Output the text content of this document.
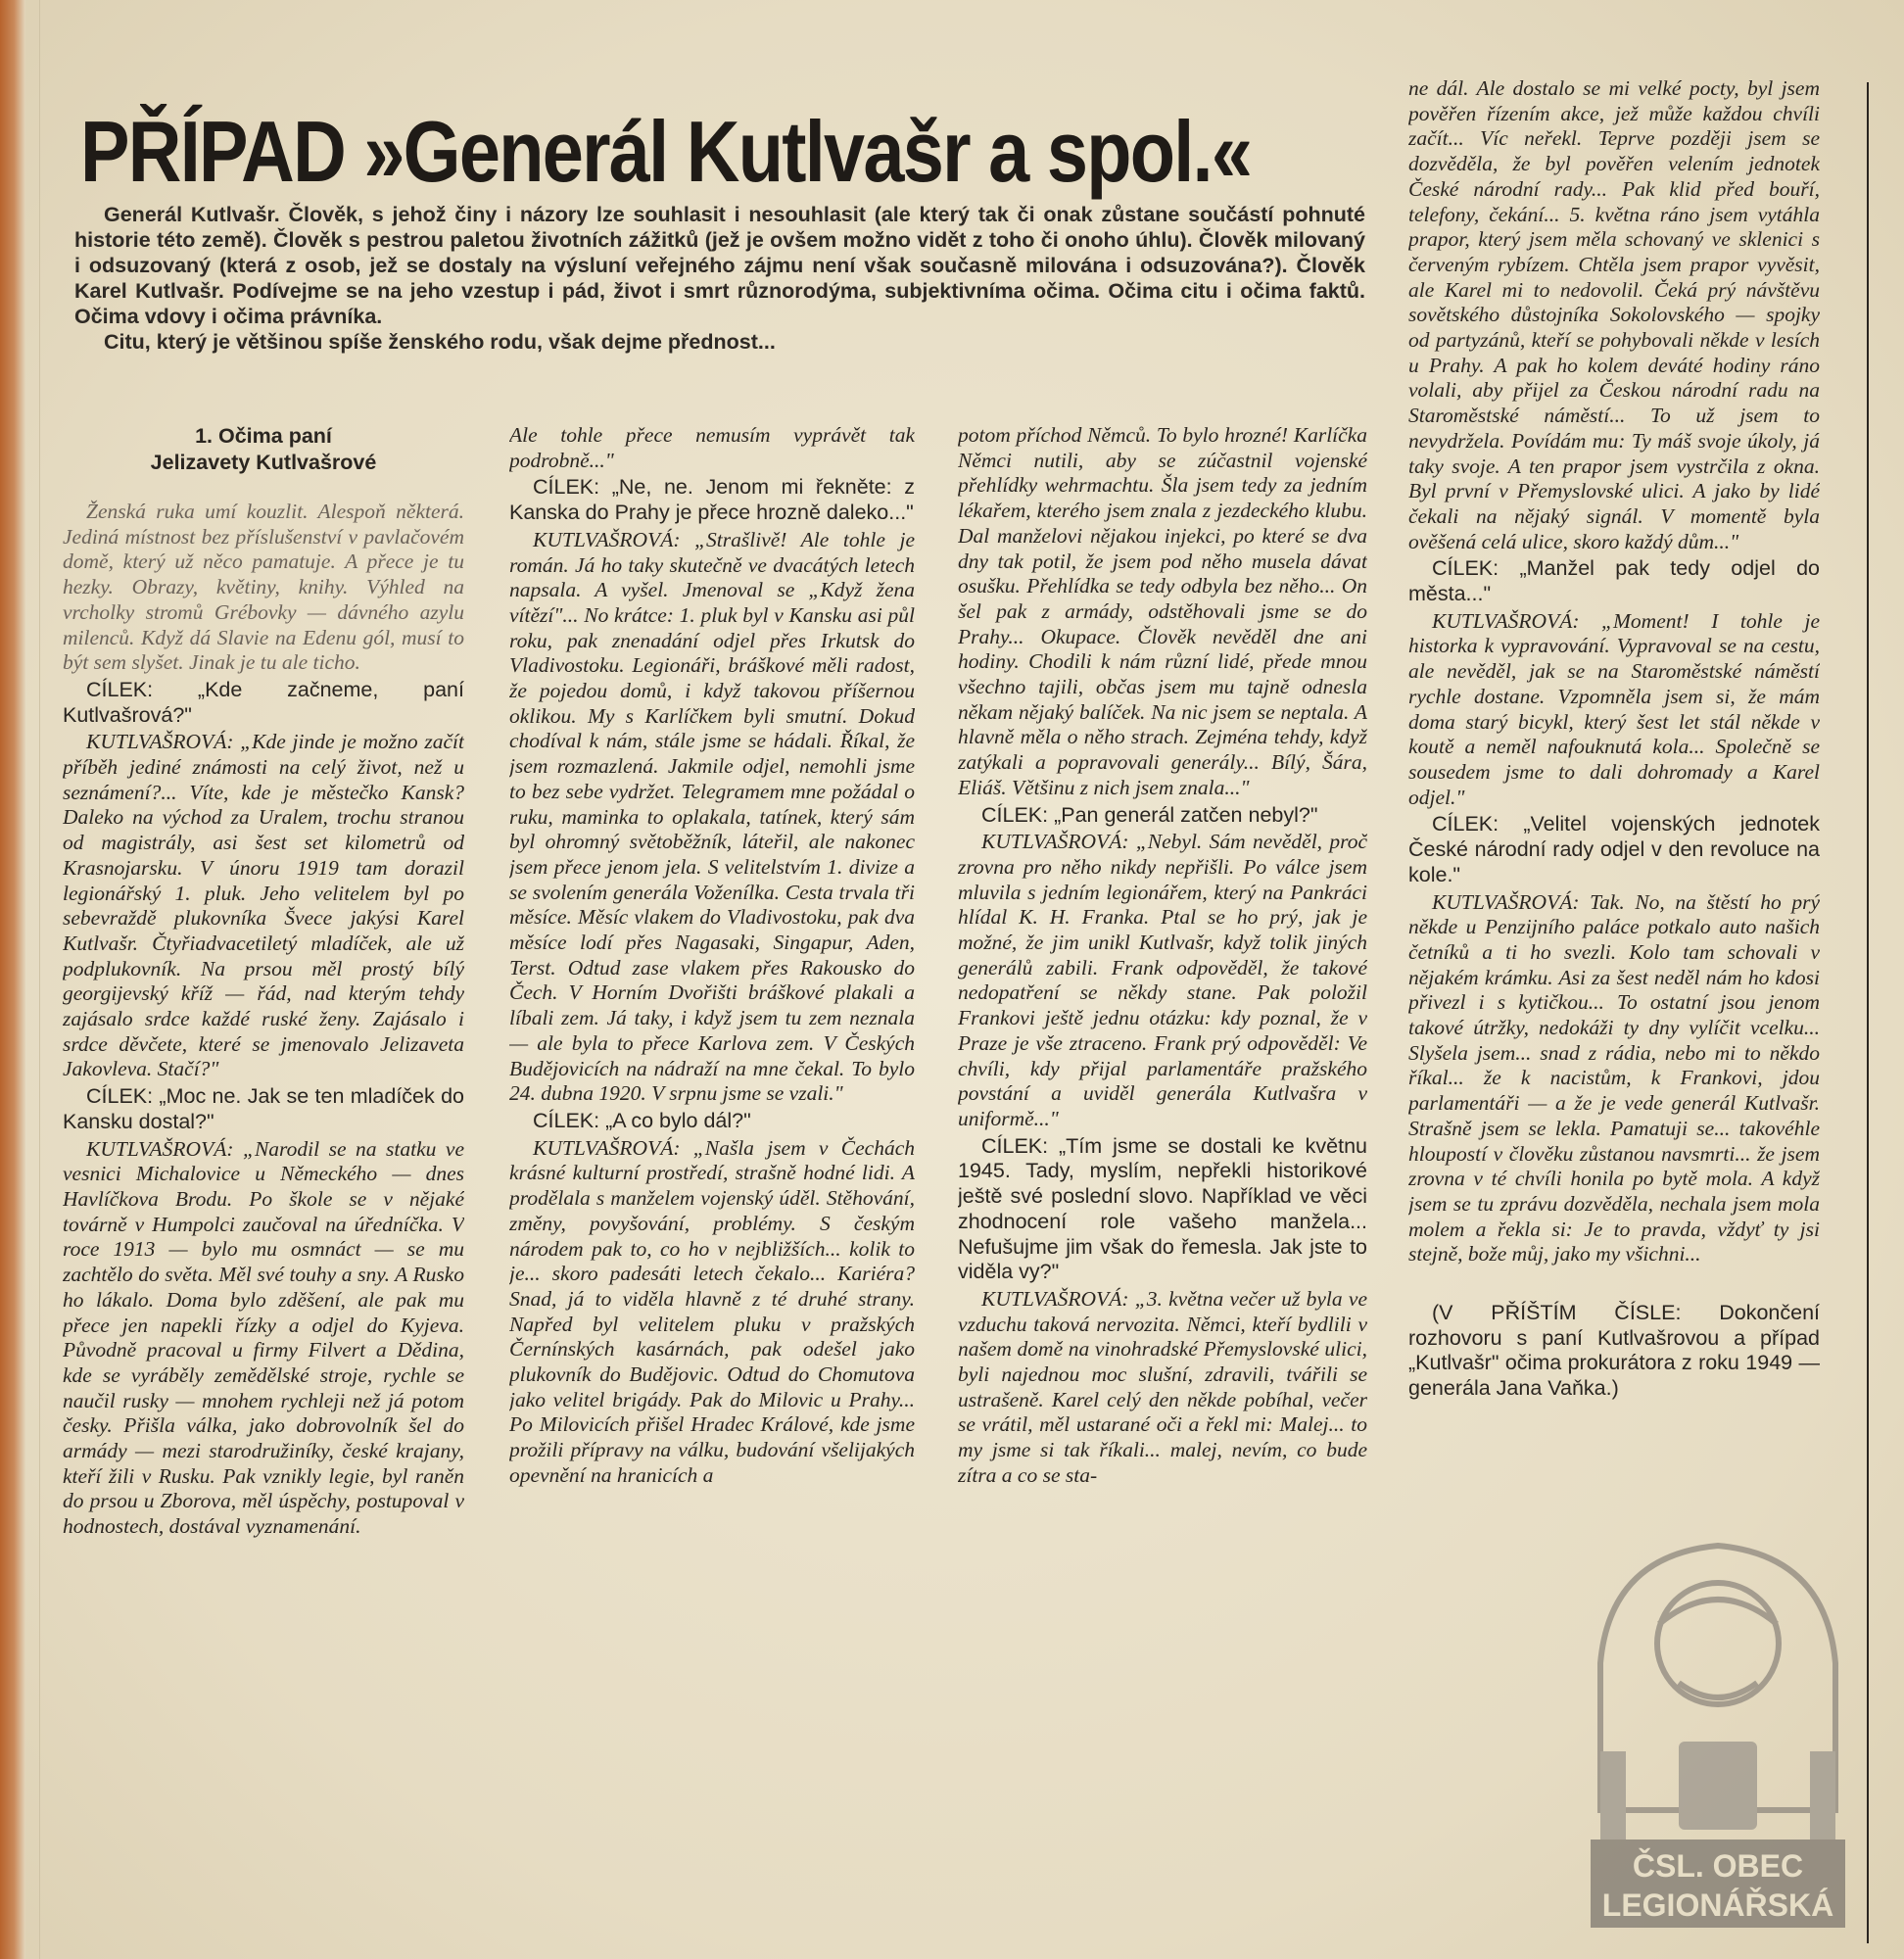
PŘÍPAD »Generál Kutlvašr a spol.«

Generál Kutlvašr. Člověk, s jehož činy i názory lze souhlasit i nesouhlasit (ale který tak či onak zůstane součástí pohnuté historie této země). Člověk s pestrou paletou životních zážitků (jež je ovšem možno vidět z toho či onoho úhlu). Člověk milovaný i odsuzovaný (která z osob, jež se dostaly na výsluní veřejného zájmu není však současně milována i odsuzována?). Člověk Karel Kutlvašr. Podívejme se na jeho vzestup i pád, život i smrt různorodýma, subjektivníma očima. Očima citu i očima faktů. Očima vdovy i očima právníka.

Citu, který je většinou spíše ženského rodu, však dejme přednost...

1. Očima paní
Jelizavety Kutlvašrové

Ženská ruka umí kouzlit. Alespoň některá. Jediná místnost bez příslušenství v pavlačovém domě, který už něco pamatuje. A přece je tu hezky. Obrazy, květiny, knihy. Výhled na vrcholky stromů Grébovky — dávného azylu milenců. Když dá Slavie na Edenu gól, musí to být sem slyšet. Jinak je tu ale ticho.

CÍLEK: „Kde začneme, paní Kutlvašrová?"

KUTLVAŠROVÁ: „Kde jinde je možno začít příběh jediné známosti na celý život, než u seznámení?... Víte, kde je městečko Kansk? Daleko na východ za Uralem, trochu stranou od magistrály, asi šest set kilometrů od Krasnojarsku. V únoru 1919 tam dorazil legionářský 1. pluk. Jeho velitelem byl po sebevraždě plukovníka Švece jakýsi Karel Kutlvašr. Čtyřiadvacetiletý mladíček, ale už podplukovník. Na prsou měl prostý bílý georgijevský kříž — řád, nad kterým tehdy zajásalo srdce každé ruské ženy. Zajásalo i srdce děvčete, které se jmenovalo Jelizaveta Jakovleva. Stačí?"

CÍLEK: „Moc ne. Jak se ten mladíček do Kansku dostal?"

KUTLVAŠROVÁ: „Narodil se na statku ve vesnici Michalovice u Německého — dnes Havlíčkova Brodu. Po škole se v nějaké továrně v Humpolci zaučoval na úředníčka. V roce 1913 — bylo mu osmnáct — se mu zachtělo do světa. Měl své touhy a sny. A Rusko ho lákalo. Doma bylo zděšení, ale pak mu přece jen napekli řízky a odjel do Kyjeva. Původně pracoval u firmy Filvert a Dědina, kde se vyráběly zemědělské stroje, rychle se naučil rusky — mnohem rychleji než já potom česky. Přišla válka, jako dobrovolník šel do armády — mezi starodružiníky, české krajany, kteří žili v Rusku. Pak vznikly legie, byl raněn do prsou u Zborova, měl úspěchy, postupoval v hodnostech, dostával vyznamenání.

Ale tohle přece nemusím vyprávět tak podrobně..."

CÍLEK: „Ne, ne. Jenom mi řekněte: z Kanska do Prahy je přece hrozně daleko..."

KUTLVAŠROVÁ: „Strašlivě! Ale tohle je román. Já ho taky skutečně ve dvacátých letech napsala. A vyšel. Jmenoval se „Když žena vítězí"... No krátce: 1. pluk byl v Kansku asi půl roku, pak znenadání odjel přes Irkutsk do Vladivostoku. Legionáři, bráškové měli radost, že pojedou domů, i když takovou příšernou oklikou. My s Karlíčkem byli smutní. Dokud chodíval k nám, stále jsme se hádali. Říkal, že jsem rozmazlená. Jakmile odjel, nemohli jsme to bez sebe vydržet. Telegramem mne požádal o ruku, maminka to oplakala, tatínek, který sám byl ohromný světoběžník, láteřil, ale nakonec jsem přece jenom jela. S velitelstvím 1. divize a se svolením generála Voženílka. Cesta trvala tři měsíce. Měsíc vlakem do Vladivostoku, pak dva měsíce lodí přes Nagasaki, Singapur, Aden, Terst. Odtud zase vlakem přes Rakousko do Čech. V Horním Dvořišti bráškové plakali a líbali zem. Já taky, i když jsem tu zem neznala — ale byla to přece Karlova zem. V Českých Budějovicích na nádraží na mne čekal. To bylo 24. dubna 1920. V srpnu jsme se vzali."

CÍLEK: „A co bylo dál?"

KUTLVAŠROVÁ: „Našla jsem v Čechách krásné kulturní prostředí, strašně hodné lidi. A prodělala s manželem vojenský úděl. Stěhování, změny, povyšování, problémy. S českým národem pak to, co ho v nejbližších... kolik to je... skoro padesáti letech čekalo... Kariéra? Snad, já to viděla hlavně z té druhé strany. Napřed byl velitelem pluku v pražských Černínských kasárnách, pak odešel jako plukovník do Budějovic. Odtud do Chomutova jako velitel brigády. Pak do Milovic u Prahy... Po Milovicích přišel Hradec Králové, kde jsme prožili přípravy na válku, budování všelijakých opevnění na hranicích a

potom příchod Němců. To bylo hrozné! Karlíčka Němci nutili, aby se zúčastnil vojenské přehlídky wehrmachtu. Šla jsem tedy za jedním lékařem, kterého jsem znala z jezdeckého klubu. Dal manželovi nějakou injekci, po které se dva dny tak potil, že jsem pod něho musela dávat osušku. Přehlídka se tedy odbyla bez něho... On šel pak z armády, odstěhovali jsme se do Prahy... Okupace. Člověk nevěděl dne ani hodiny. Chodili k nám různí lidé, přede mnou všechno tajili, občas jsem mu tajně odnesla někam nějaký balíček. Na nic jsem se neptala. A hlavně měla o něho strach. Zejména tehdy, když zatýkali a popravovali generály... Bílý, Šára, Eliáš. Většinu z nich jsem znala..."

CÍLEK: „Pan generál zatčen nebyl?"

KUTLVAŠROVÁ: „Nebyl. Sám nevěděl, proč zrovna pro něho nikdy nepřišli. Po válce jsem mluvila s jedním legionářem, který na Pankráci hlídal K. H. Franka. Ptal se ho prý, jak je možné, že jim unikl Kutlvašr, když tolik jiných generálů zabili. Frank odpověděl, že takové nedopatření se někdy stane. Pak položil Frankovi ještě jednu otázku: kdy poznal, že v Praze je vše ztraceno. Frank prý odpověděl: Ve chvíli, kdy přijal parlamentáře pražského povstání a uviděl generála Kutlvašra v uniformě..."

CÍLEK: „Tím jsme se dostali ke květnu 1945. Tady, myslím, nepřekli historikové ještě své poslední slovo. Například ve věci zhodnocení role vašeho manžela... Nefušujme jim však do řemesla. Jak jste to viděla vy?"

KUTLVAŠROVÁ: „3. května večer už byla ve vzduchu taková nervozita. Němci, kteří bydlili v našem domě na vinohradské Přemyslovské ulici, byli najednou moc slušní, zdravili, tvářili se ustrašeně. Karel celý den někde pobíhal, večer se vrátil, měl ustarané oči a řekl mi: Malej... to my jsme si tak říkali... malej, nevím, co bude zítra a co se sta-

ne dál. Ale dostalo se mi velké pocty, byl jsem pověřen řízením akce, jež může každou chvíli začít... Víc neřekl. Teprve později jsem se dozvěděla, že byl pověřen velením jednotek České národní rady... Pak klid před bouří, telefony, čekání... 5. května ráno jsem vytáhla prapor, který jsem měla schovaný ve sklenici s červeným rybízem. Chtěla jsem prapor vyvěsit, ale Karel mi to nedovolil. Čeká prý návštěvu sovětského důstojníka Sokolovského — spojky od partyzánů, kteří se pohybovali někde v lesích u Prahy. A pak ho kolem deváté hodiny ráno volali, aby přijel za Českou národní radu na Staroměstské náměstí... To už jsem to nevydržela. Povídám mu: Ty máš svoje úkoly, já taky svoje. A ten prapor jsem vystrčila z okna. Byl první v Přemyslovské ulici. A jako by lidé čekali na nějaký signál. V momentě byla ověšená celá ulice, skoro každý dům..."

CÍLEK: „Manžel pak tedy odjel do města..."

KUTLVAŠROVÁ: „Moment! I tohle je historka k vypravování. Vypravoval se na cestu, ale nevěděl, jak se na Staroměstské náměstí rychle dostane. Vzpomněla jsem si, že mám doma starý bicykl, který šest let stál někde v koutě a neměl nafouknutá kola... Společně se sousedem jsme to dali dohromady a Karel odjel."

CÍLEK: „Velitel vojenských jednotek České národní rady odjel v den revoluce na kole."

KUTLVAŠROVÁ: Tak. No, na štěstí ho prý někde u Penzijního paláce potkalo auto našich četníků a ti ho svezli. Kolo tam schovali v nějakém krámku. Asi za šest neděl nám ho kdosi přivezl i s kytičkou... To ostatní jsou jenom takové útržky, nedokáži ty dny vylíčit vcelku... Slyšela jsem... snad z rádia, nebo mi to někdo říkal... že k nacistům, k Frankovi, jdou parlamentáři — a že je vede generál Kutlvašr. Strašně jsem se lekla. Pamatuji se... takovéhle hloupostí v člověku zůstanou navsmrti... že jsem zrovna v té chvíli honila po bytě mola. A když jsem se tu zprávu dozvěděla, nechala jsem mola molem a řekla si: Je to pravda, vždyť ty jsi stejně, bože můj, jako my všichni...

(V PŘÍŠTÍM ČÍSLE: Dokončení rozhovoru s paní Kutlvašrovou a případ „Kutlvašr" očima prokurátora z roku 1949 — generála Jana Vaňka.)

ČSL. OBEC
LEGIONÁŘSKÁ
